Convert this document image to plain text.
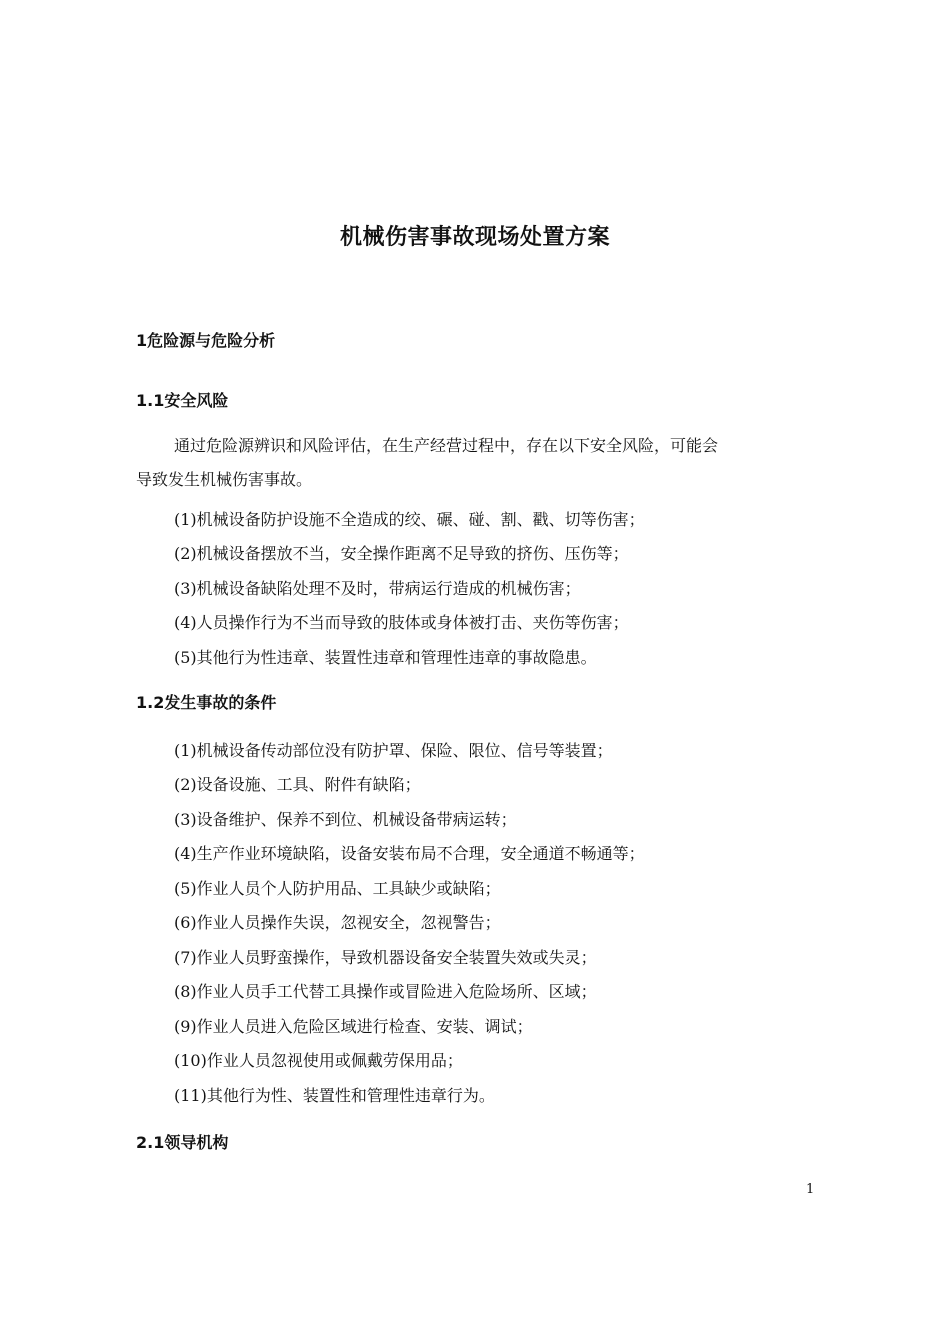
机械伤害事故现场处置方案
1危险源与危险分析
1.1安全风险
通过危险源辨识和风险评估，在生产经营过程中，存在以下安全风险，可能会
导致发生机械伤害事故。
(1)机械设备防护设施不全造成的绞、碾、碰、割、戳、切等伤害；
(2)机械设备摆放不当，安全操作距离不足导致的挤伤、压伤等；
(3)机械设备缺陷处理不及时，带病运行造成的机械伤害；
(4)人员操作行为不当而导致的肢体或身体被打击、夹伤等伤害；
(5)其他行为性违章、装置性违章和管理性违章的事故隐患。
1.2发生事故的条件
(1)机械设备传动部位没有防护罩、保险、限位、信号等装置；
(2)设备设施、工具、附件有缺陷；
(3)设备维护、保养不到位、机械设备带病运转；
(4)生产作业环境缺陷，设备安装布局不合理，安全通道不畅通等；
(5)作业人员个人防护用品、工具缺少或缺陷；
(6)作业人员操作失误，忽视安全，忽视警告；
(7)作业人员野蛮操作，导致机器设备安全装置失效或失灵；
(8)作业人员手工代替工具操作或冒险进入危险场所、区域；
(9)作业人员进入危险区域进行检查、安装、调试；
(10)作业人员忽视使用或佩戴劳保用品；
(11)其他行为性、装置性和管理性违章行为。
2.1领导机构
1
